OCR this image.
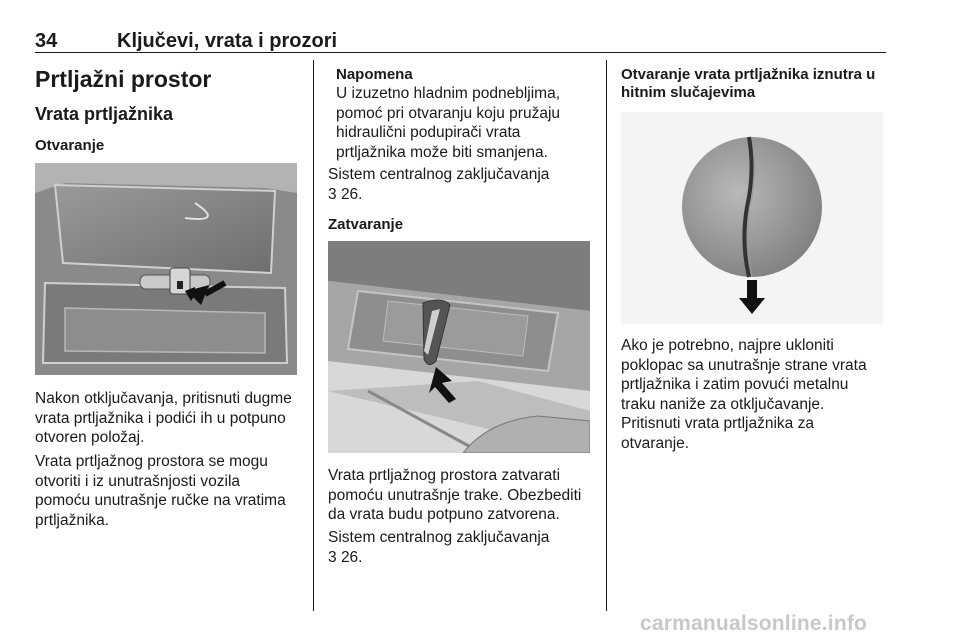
34	Ključevi, vrata i prozori
Prtljažni prostor
Vrata prtljažnika
Otvaranje
Nakon otključavanja, pritisnuti dugme
vrata prtljažnika i podići ih u potpuno
otvoren položaj.
Vrata prtljažnog prostora se mogu
otvoriti i iz unutrašnjosti vozila
pomoću unutrašnje ručke na vratima
prtljažnika.
Napomena
U izuzetno hladnim podnebljima,
pomoć pri otvaranju koju pružaju
hidraulični podupirači vrata
prtljažnika može biti smanjena.
Sistem centralnog zaključavanja
3 26.
Zatvaranje
Vrata prtljažnog prostora zatvarati
pomoću unutrašnje trake. Obezbediti
da vrata budu potpuno zatvorena.
Sistem centralnog zaključavanja
3 26.
Otvaranje vrata prtljažnika iznutra u
hitnim slučajevima
Ako je potrebno, najpre ukloniti
poklopac sa unutrašnje strane vrata
prtljažnika i zatim povući metalnu
traku naniže za otključavanje.
Pritisnuti vrata prtljažnika za
otvaranje.
carmanualsonline.info
